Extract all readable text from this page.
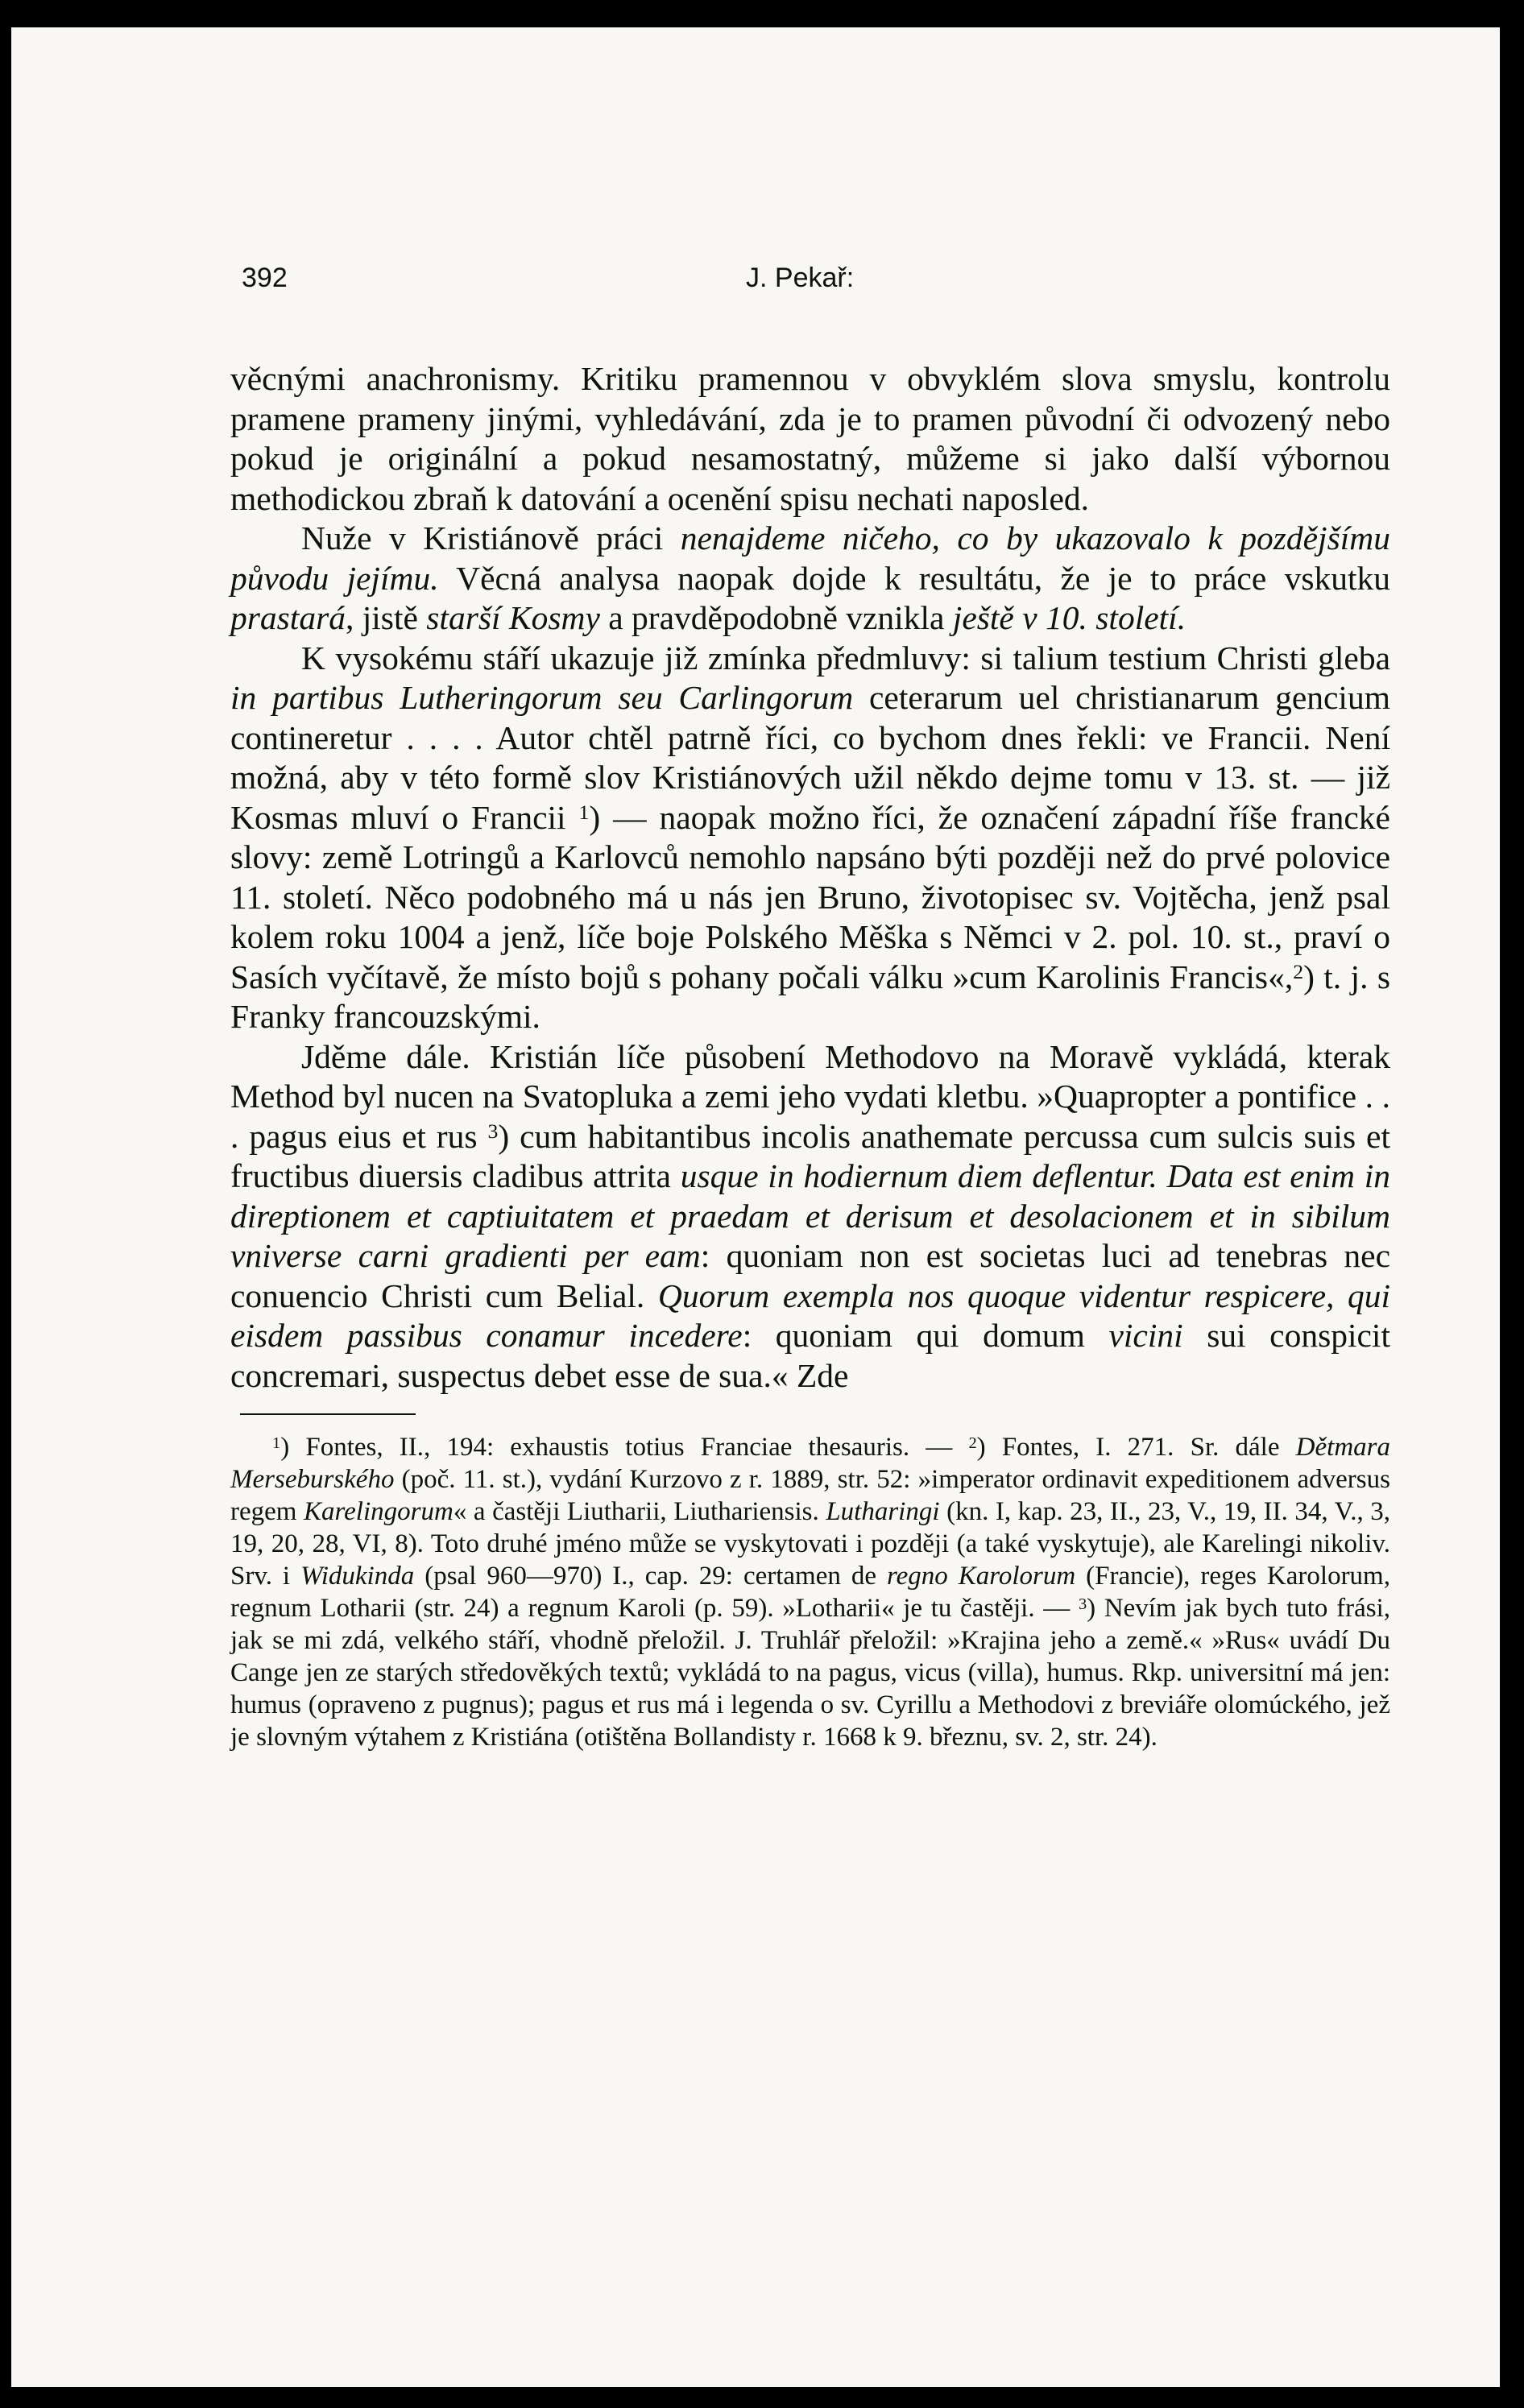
392	J. Pekař:

věcnými anachronismy. Kritiku pramennou v obvyklém slova smyslu, kontrolu pramene prameny jinými, vyhledávání, zda je to pramen původní či odvozený nebo pokud je originální a pokud nesamostatný, můžeme si jako další výbornou methodickou zbraň k datování a ocenění spisu nechati naposled.

Nuže v Kristiánově práci nenajdeme ničeho, co by ukazovalo k pozdějšímu původu jejímu. Věcná analysa naopak dojde k resultátu, že je to práce vskutku prastará, jistě starší Kosmy a pravděpodobně vznikla ještě v 10. století.

K vysokému stáří ukazuje již zmínka předmluvy: si talium testium Christi gleba in partibus Lutheringorum seu Carlingorum ceterarum uel christianarum gencium contineretur . . . . Autor chtěl patrně říci, co bychom dnes řekli: ve Francii. Není možná, aby v této formě slov Kristiánových užil někdo dejme tomu v 13. st. — již Kosmas mluví o Francii $^1$) — naopak možno říci, že označení západní říše francké slovy: země Lotringů a Karlovců nemohlo napsáno býti později než do prvé polovice 11. století. Něco podobného má u nás jen Bruno, životopisec sv. Vojtěcha, jenž psal kolem roku 1004 a jenž, líče boje Polského Měška s Němci v 2. pol. 10. st., praví o Sasích vyčítavě, že místo bojů s pohany počali válku »cum Karolinis Francis«,$^2$) t. j. s Franky francouzskými.

Jděme dále. Kristián líče působení Methodovo na Moravě vykládá, kterak Method byl nucen na Svatopluka a zemi jeho vydati kletbu. »Quapropter a pontifice . . . pagus eius et rus $^3$) cum habitantibus incolis anathemate percussa cum sulcis suis et fructibus diuersis cladibus attrita usque in hodiernum diem deflentur. Data est enim in direptionem et captiuitatem et praedam et derisum et desolacionem et in sibilum vniverse carni gradienti per eam: quoniam non est societas luci ad tenebras nec conuencio Christi cum Belial. Quorum exempla nos quoque videntur respicere, qui eisdem passibus conamur incedere: quoniam qui domum vicini sui conspicit concremari, suspectus debet esse de sua.« Zde

$^1$) Fontes, II., 194: exhaustis totius Franciae thesauris. — $^2$) Fontes, I. 271. Sr. dále Dětmara Merseburského (poč. 11. st.), vydání Kurzovo z r. 1889, str. 52: »imperator ordinavit expeditionem adversus regem Karelingorum« a častěji Liutharii, Liuthariensis. Lutharingi (kn. I, kap. 23, II., 23, V., 19, II. 34, V., 3, 19, 20, 28, VI, 8). Toto druhé jméno může se vyskytovati i později (a také vyskytuje), ale Karelingi nikoliv. Srv. i Widukinda (psal 960—970) I., cap. 29: certamen de regno Karolorum (Francie), reges Karolorum, regnum Lotharii (str. 24) a regnum Karoli (p. 59). »Lotharii« je tu častěji. — $^3$) Nevím jak bych tuto frási, jak se mi zdá, velkého stáří, vhodně přeložil. J. Truhlář přeložil: »Krajina jeho a země.« »Rus« uvádí Du Cange jen ze starých středověkých textů; vykládá to na pagus, vicus (villa), humus. Rkp. universitní má jen: humus (opraveno z pugnus); pagus et rus má i legenda o sv. Cyrillu a Methodovi z breviáře olomúckého, jež je slovným výtahem z Kristiána (otištěna Bollandisty r. 1668 k 9. březnu, sv. 2, str. 24).
